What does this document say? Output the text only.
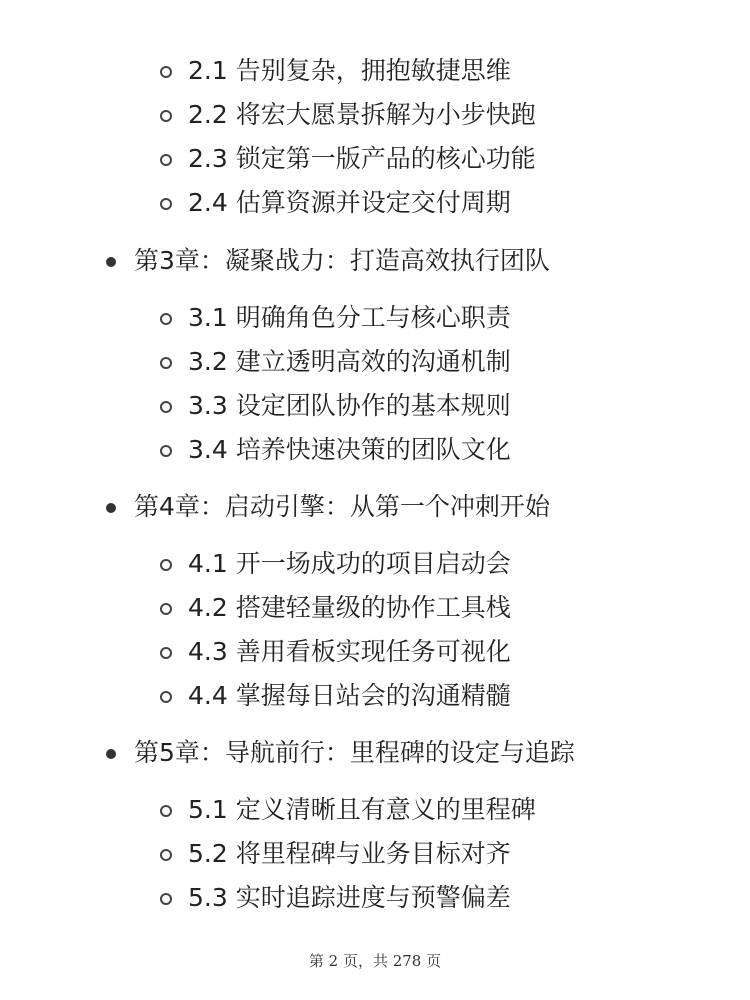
2.1 告别复杂，拥抱敏捷思维
2.2 将宏大愿景拆解为小步快跑
2.3 锁定第一版产品的核心功能
2.4 估算资源并设定交付周期
第3章：凝聚战力：打造高效执行团队
3.1 明确角色分工与核心职责
3.2 建立透明高效的沟通机制
3.3 设定团队协作的基本规则
3.4 培养快速决策的团队文化
第4章：启动引擎：从第一个冲刺开始
4.1 开一场成功的项目启动会
4.2 搭建轻量级的协作工具栈
4.3 善用看板实现任务可视化
4.4 掌握每日站会的沟通精髓
第5章：导航前行：里程碑的设定与追踪
5.1 定义清晰且有意义的里程碑
5.2 将里程碑与业务目标对齐
5.3 实时追踪进度与预警偏差
第 2 页，共 278 页
